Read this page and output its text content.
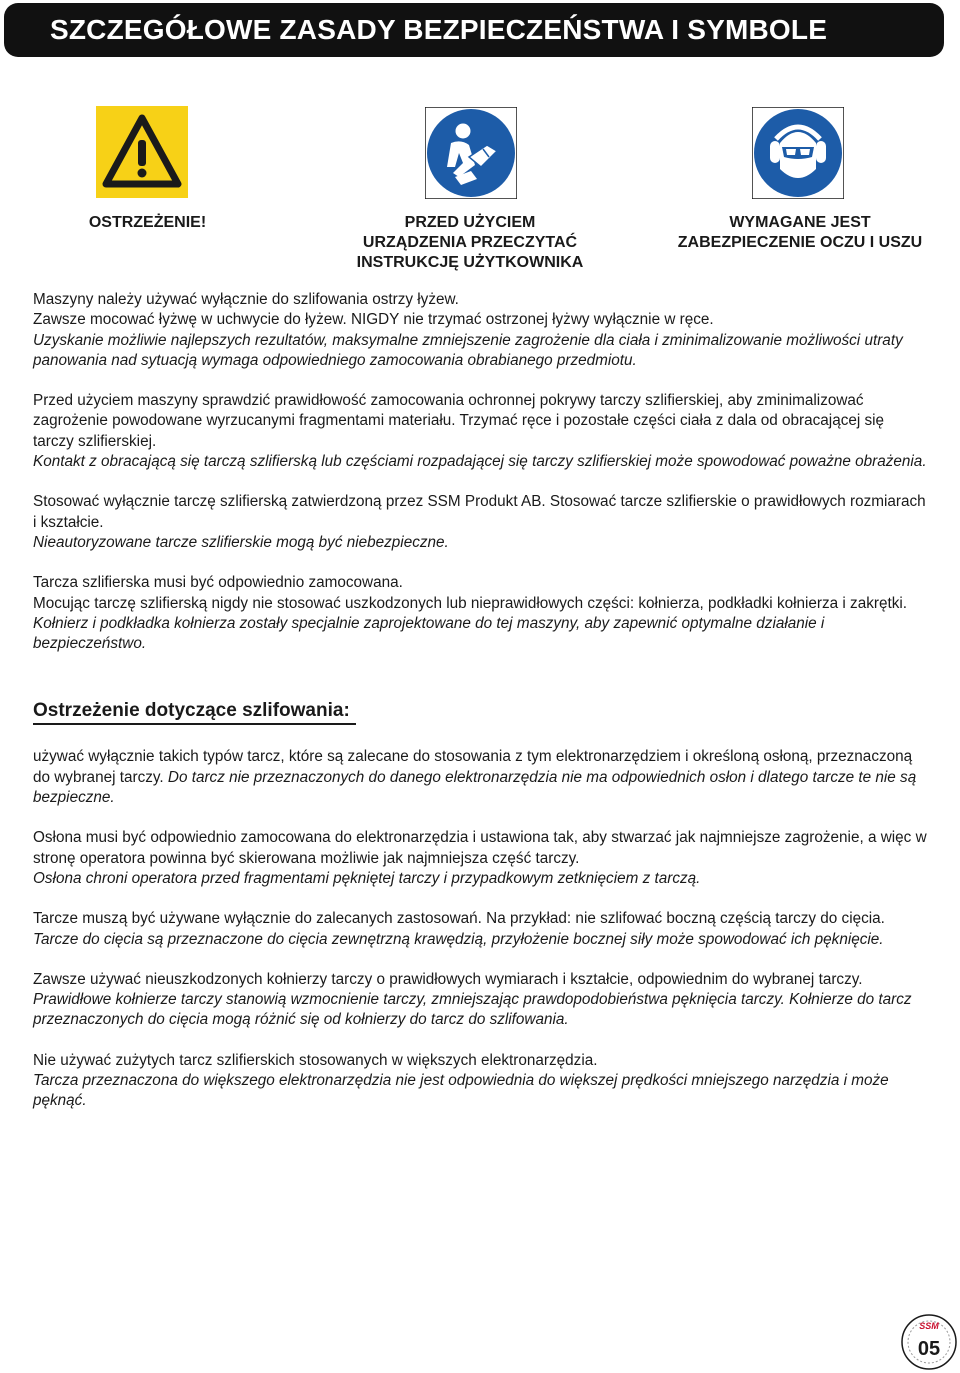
SZCZEGÓŁOWE ZASADY BEZPIECZEŃSTWA I SYMBOLE
OSTRZEŻENIE!	PRZED UŻYCIEM
URZĄDZENIA PRZECZYTAĆ
INSTRUKCJĘ UŻYTKOWNIKA
WYMAGANE JEST
ZABEZPIECZENIE OCZU I USZU

Maszyny należy używać wyłącznie do szlifowania ostrzy łyżew.

Zawsze mocować łyżwę w uchwycie do łyżew. NIGDY nie trzymać ostrzonej łyżwy wyłącznie w ręce.

Uzyskanie możliwie najlepszych rezultatów, maksymalne zmniejszenie zagrożenie dla ciała i zminimalizowanie możliwości utraty panowania nad sytuacją wymaga odpowiedniego zamocowania obrabianego przedmiotu.

Przed użyciem maszyny sprawdzić prawidłowość zamocowania ochronnej pokrywy tarczy szlifierskiej, aby zminimalizować zagrożenie powodowane wyrzucanymi fragmentami materiału. Trzymać ręce i pozostałe części ciała z dala od obracającej się tarczy szlifierskiej.

Kontakt z obracającą się tarczą szlifierską lub częściami rozpadającej się tarczy szlifierskiej może spowodować poważne obrażenia.

Stosować wyłącznie tarczę szlifierską zatwierdzoną przez SSM Produkt AB. Stosować tarcze szlifierskie o prawidłowych rozmiarach i kształcie.

Nieautoryzowane tarcze szlifierskie mogą być niebezpieczne.

Tarcza szlifierska musi być odpowiednio zamocowana.

Mocując tarczę szlifierską nigdy nie stosować uszkodzonych lub nieprawidłowych części: kołnierza, podkładki kołnierza i zakrętki.

Kołnierz i podkładka kołnierza zostały specjalnie zaprojektowane do tej maszyny, aby zapewnić optymalne działanie i bezpieczeństwo.

Ostrzeżenie dotyczące szlifowania:

używać wyłącznie takich typów tarcz, które są zalecane do stosowania z tym elektronarzędziem i określoną osłoną, przeznaczoną do wybranej tarczy. Do tarcz nie przeznaczonych do danego elektronarzędzia nie ma odpowiednich osłon i dlatego tarcze te nie są bezpieczne.

Osłona musi być odpowiednio zamocowana do elektronarzędzia i ustawiona tak, aby stwarzać jak najmniejsze zagrożenie, a więc w stronę operatora powinna być skierowana możliwie jak najmniejsza część tarczy.
Osłona chroni operatora przed fragmentami pękniętej tarczy i przypadkowym zetknięciem z tarczą.

Tarcze muszą być używane wyłącznie do zalecanych zastosowań. Na przykład: nie szlifować boczną częścią tarczy do cięcia. Tarcze do cięcia są przeznaczone do cięcia zewnętrzną krawędzią, przyłożenie bocznej siły może spowodować ich pęknięcie.

Zawsze używać nieuszkodzonych kołnierzy tarczy o prawidłowych wymiarach i kształcie, odpowiednim do wybranej tarczy. Prawidłowe kołnierze tarczy stanowią wzmocnienie tarczy, zmniejszając prawdopodobieństwa pęknięcia tarczy. Kołnierze do tarcz przeznaczonych do cięcia mogą różnić się od kołnierzy do tarcz do szlifowania.

Nie używać zużytych tarcz szlifierskich stosowanych w większych elektronarzędzia.
Tarcza przeznaczona do większego elektronarzędzia nie jest odpowiednia do większej prędkości mniejszego narzędzia i może pęknąć.

SSM
05
